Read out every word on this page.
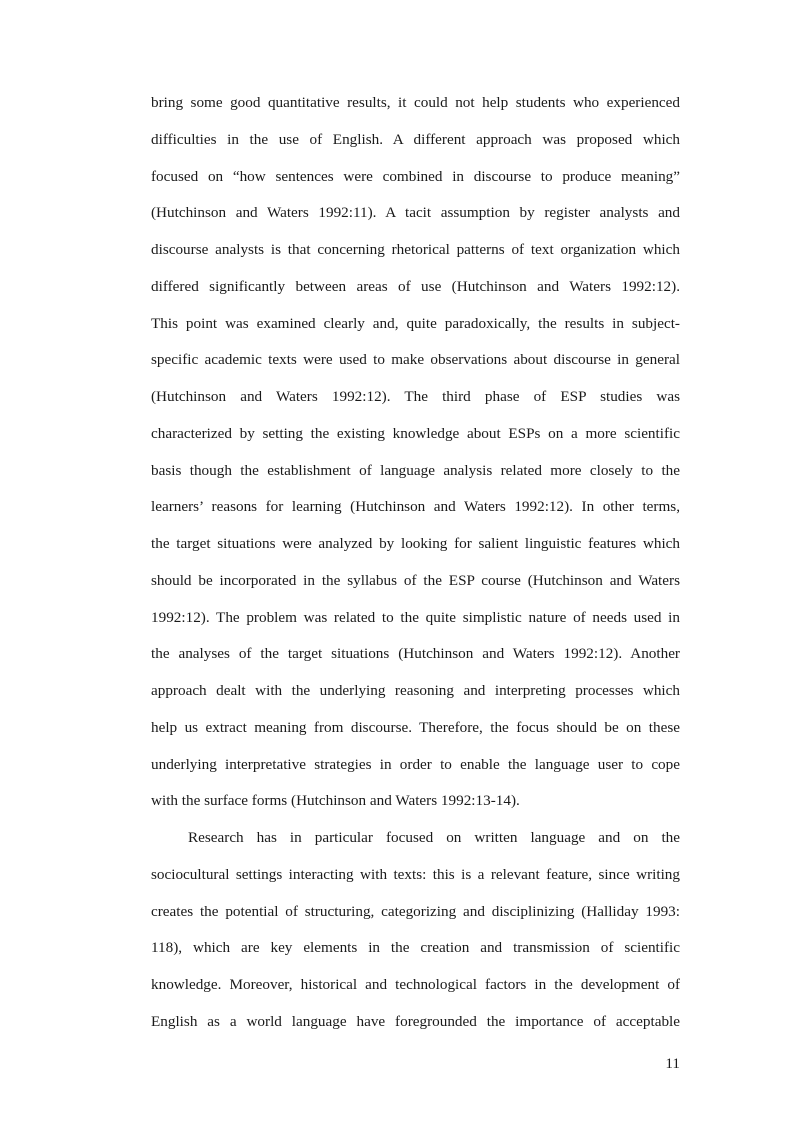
bring some good quantitative results, it could not help students who experienced
difficulties in the use of English. A different approach was proposed which
focused on “how sentences were combined in discourse to produce meaning”
(Hutchinson and Waters 1992:11). A tacit assumption by register analysts and
discourse analysts is that concerning rhetorical patterns of text organization which
differed significantly between areas of use (Hutchinson and Waters 1992:12).
This point was examined clearly and, quite paradoxically, the results in subject-
specific academic texts were used to make observations about discourse in general
(Hutchinson and Waters 1992:12). The third phase of ESP studies was
characterized by setting the existing knowledge about ESPs on a more scientific
basis though the establishment of language analysis related more closely to the
learners’ reasons for learning (Hutchinson and Waters 1992:12). In other terms,
the target situations were analyzed by looking for salient linguistic features which
should be incorporated in the syllabus of the ESP course (Hutchinson and Waters
1992:12). The problem was related to the quite simplistic nature of needs used in
the analyses of the target situations (Hutchinson and Waters 1992:12). Another
approach dealt with the underlying reasoning and interpreting processes which
help us extract meaning from discourse. Therefore, the focus should be on these
underlying interpretative strategies in order to enable the language user to cope
with the surface forms (Hutchinson and Waters 1992:13-14).
Research has in particular focused on written language and on the
sociocultural settings interacting with texts: this is a relevant feature, since writing
creates the potential of structuring, categorizing and disciplinizing (Halliday 1993:
118), which are key elements in the creation and transmission of scientific
knowledge. Moreover, historical and technological factors in the development of
English as a world language have foregrounded the importance of acceptable
11
